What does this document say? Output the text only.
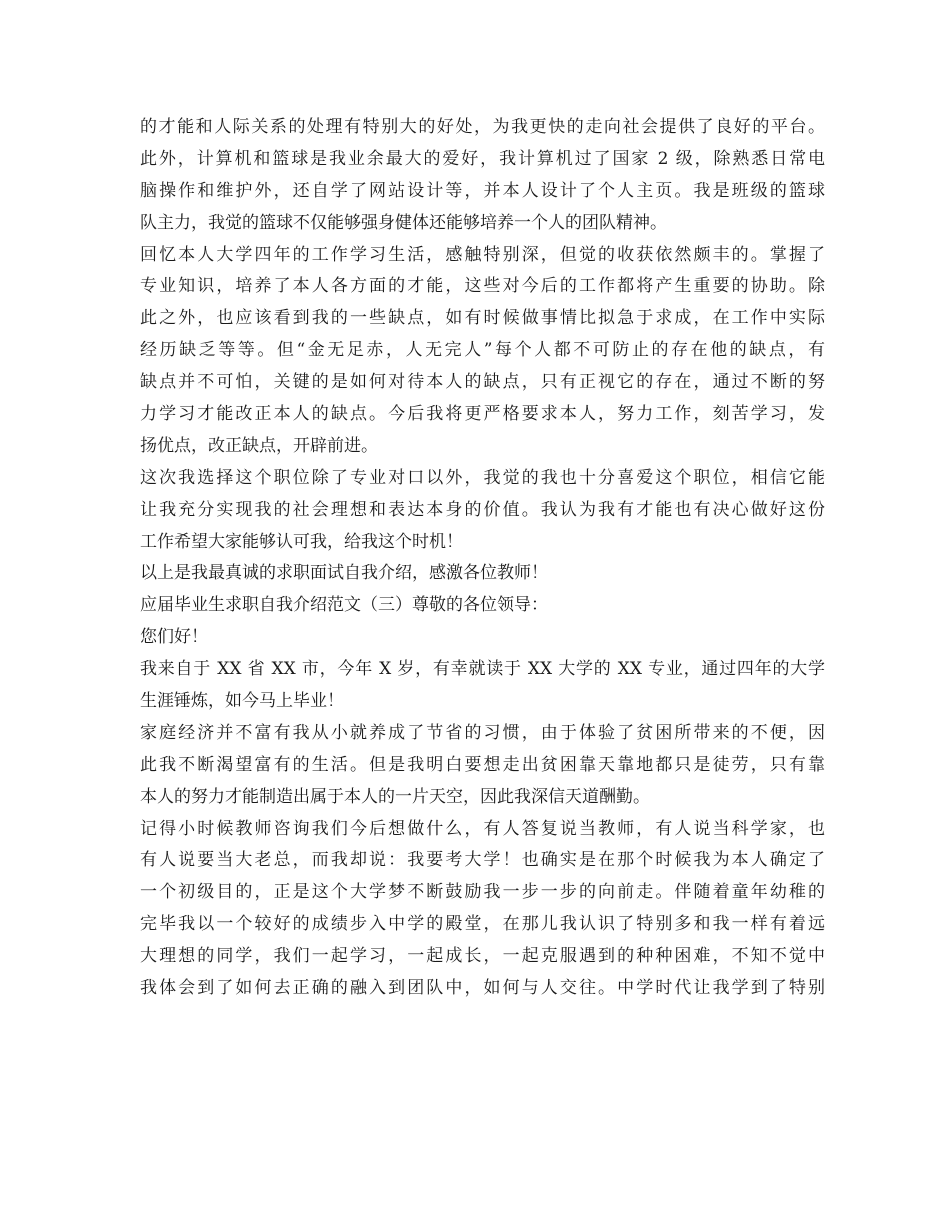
的才能和人际关系的处理有特别大的好处，为我更快的走向社会提供了良好的平台。
此外，计算机和篮球是我业余最大的爱好，我计算机过了国家 2 级，除熟悉日常电
脑操作和维护外，还自学了网站设计等，并本人设计了个人主页。我是班级的篮球
队主力，我觉的篮球不仅能够强身健体还能够培养一个人的团队精神。
回忆本人大学四年的工作学习生活，感触特别深，但觉的收获依然颇丰的。掌握了
专业知识，培养了本人各方面的才能，这些对今后的工作都将产生重要的协助。除
此之外，也应该看到我的一些缺点，如有时候做事情比拟急于求成，在工作中实际
经历缺乏等等。但“金无足赤，人无完人”每个人都不可防止的存在他的缺点，有
缺点并不可怕，关键的是如何对待本人的缺点，只有正视它的存在，通过不断的努
力学习才能改正本人的缺点。今后我将更严格要求本人，努力工作，刻苦学习，发
扬优点，改正缺点，开辟前进。
这次我选择这个职位除了专业对口以外，我觉的我也十分喜爱这个职位，相信它能
让我充分实现我的社会理想和表达本身的价值。我认为我有才能也有决心做好这份
工作希望大家能够认可我，给我这个时机！
以上是我最真诚的求职面试自我介绍，感激各位教师！
应届毕业生求职自我介绍范文（三）尊敬的各位领导：
您们好！
我来自于 XX 省 XX 市，今年 X 岁，有幸就读于 XX 大学的 XX 专业，通过四年的大学
生涯锤炼，如今马上毕业！
家庭经济并不富有我从小就养成了节省的习惯，由于体验了贫困所带来的不便，因
此我不断渴望富有的生活。但是我明白要想走出贫困靠天靠地都只是徒劳，只有靠
本人的努力才能制造出属于本人的一片天空，因此我深信天道酬勤。
记得小时候教师咨询我们今后想做什么，有人答复说当教师，有人说当科学家，也
有人说要当大老总，而我却说：我要考大学！也确实是在那个时候我为本人确定了
一个初级目的，正是这个大学梦不断鼓励我一步一步的向前走。伴随着童年幼稚的
完毕我以一个较好的成绩步入中学的殿堂，在那儿我认识了特别多和我一样有着远
大理想的同学，我们一起学习，一起成长，一起克服遇到的种种困难，不知不觉中
我体会到了如何去正确的融入到团队中，如何与人交往。中学时代让我学到了特别
